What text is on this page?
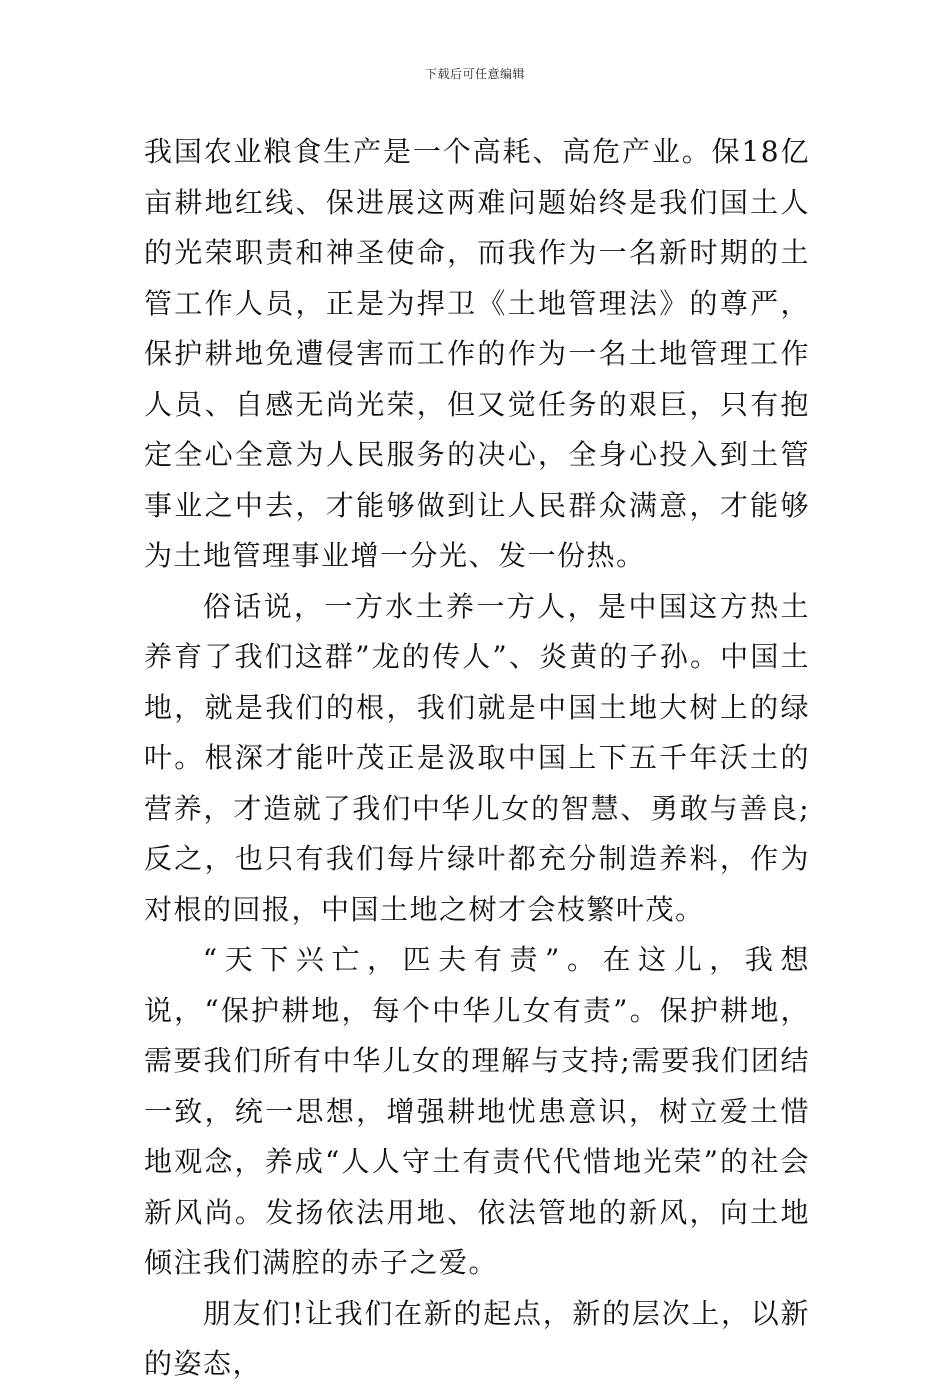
下载后可任意编辑

我国农业粮食生产是一个高耗、高危产业。保18亿亩耕地红线、保进展这两难问题始终是我们国土人的光荣职责和神圣使命，而我作为一名新时期的土管工作人员，正是为捍卫《土地管理法》的尊严，保护耕地免遭侵害而工作的作为一名土地管理工作人员、自感无尚光荣，但又觉任务的艰巨，只有抱定全心全意为人民服务的决心，全身心投入到土管事业之中去，才能够做到让人民群众满意，才能够为土地管理事业增一分光、发一份热。

俗话说，一方水土养一方人，是中国这方热土养育了我们这群”龙的传人”、炎黄的子孙。中国土地，就是我们的根，我们就是中国土地大树上的绿叶。根深才能叶茂正是汲取中国上下五千年沃土的营养，才造就了我们中华儿女的智慧、勇敢与善良;反之，也只有我们每片绿叶都充分制造养料，作为对根的回报，中国土地之树才会枝繁叶茂。

“天下兴亡，匹夫有责”。在这儿，我想说，“保护耕地，每个中华儿女有责”。保护耕地，需要我们所有中华儿女的理解与支持;需要我们团结一致，统一思想，增强耕地忧患意识，树立爱土惜地观念，养成“人人守土有责代代惜地光荣”的社会新风尚。发扬依法用地、依法管地的新风，向土地倾注我们满腔的赤子之爱。

朋友们!让我们在新的起点，新的层次上，以新的姿态，
